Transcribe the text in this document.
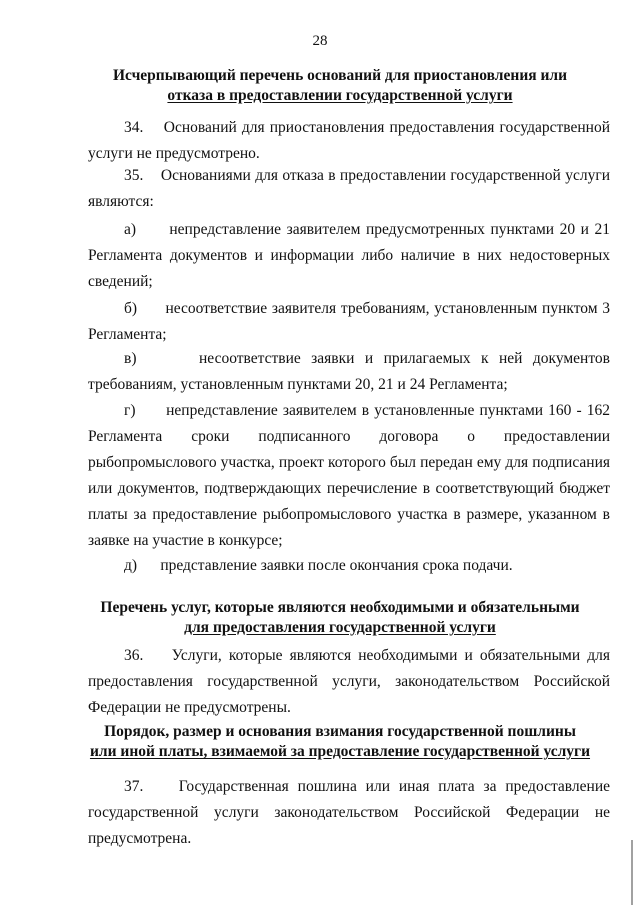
28
Исчерпывающий перечень оснований для приостановления или
отказа в предоставлении государственной услуги
34. Оснований для приостановления предоставления государственной услуги не предусмотрено.
35. Основаниями для отказа в предоставлении государственной услуги являются:
а) непредставление заявителем предусмотренных пунктами 20 и 21 Регламента документов и информации либо наличие в них недостоверных сведений;
б) несоответствие заявителя требованиям, установленным пунктом 3 Регламента;
в)	несоответствие заявки и прилагаемых к ней документов требованиям, установленным пунктами 20, 21 и 24 Регламента;
г) непредставление заявителем в установленные пунктами 160 - 162 Регламента сроки подписанного договора о предоставлении рыбопромыслового участка, проект которого был передан ему для подписания или документов, подтверждающих перечисление в соответствующий бюджет платы за предоставление рыбопромыслового участка в размере, указанном в заявке на участие в конкурсе;
д) представление заявки после окончания срока подачи.
Перечень услуг, которые являются необходимыми и обязательными
для предоставления государственной услуги
36. Услуги, которые являются необходимыми и обязательными для предоставления государственной услуги, законодательством Российской Федерации не предусмотрены.
Порядок, размер и основания взимания государственной пошлины
или иной платы, взимаемой за предоставление государственной услуги
37. Государственная пошлина или иная плата за предоставление государственной услуги законодательством Российской Федерации не предусмотрена.
